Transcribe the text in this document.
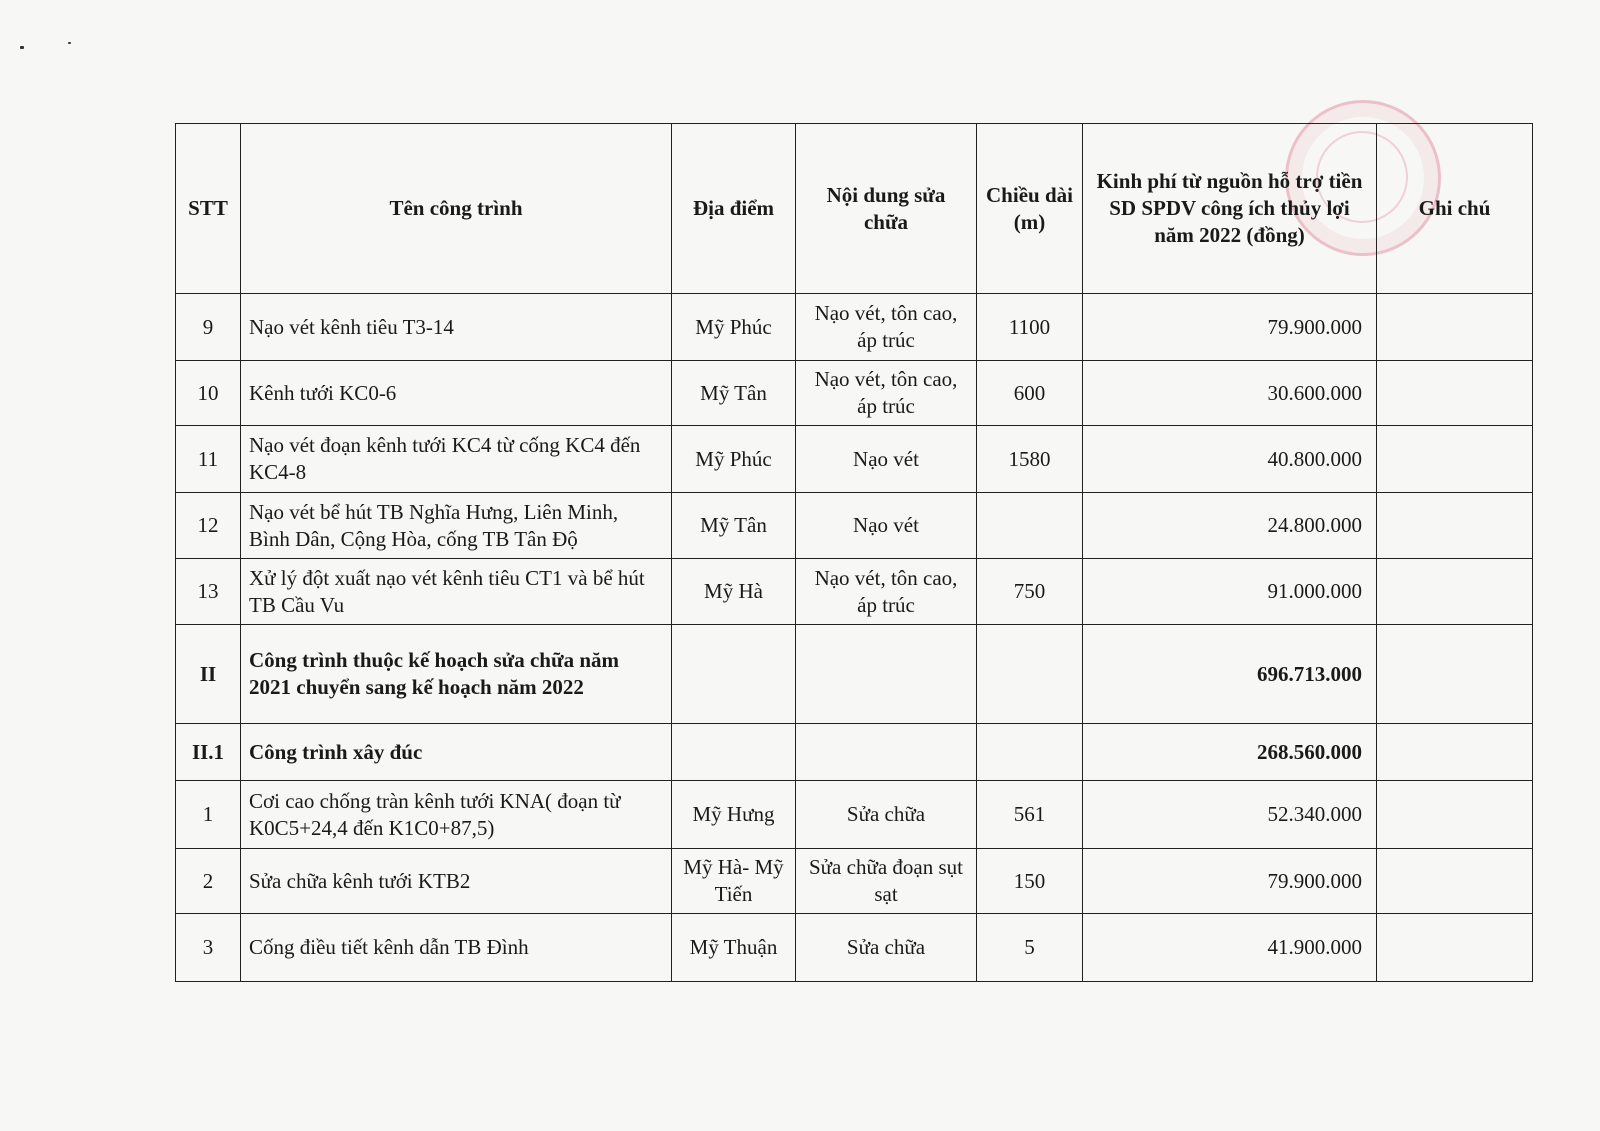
STT	Tên công trình	Địa điểm	Nội dung sửa chữa	Chiều dài (m)	Kinh phí từ nguồn hỗ trợ tiền SD SPDV công ích thủy lợi năm 2022 (đồng)	Ghi chú
9	Nạo vét kênh tiêu T3-14	Mỹ Phúc	Nạo vét, tôn cao, áp trúc	1100	79.900.000	
10	Kênh tưới KC0-6	Mỹ Tân	Nạo vét, tôn cao, áp trúc	600	30.600.000	
11	Nạo vét đoạn kênh tưới KC4 từ cống KC4 đến KC4-8	Mỹ Phúc	Nạo vét	1580	40.800.000	
12	Nạo vét bể hút TB Nghĩa Hưng, Liên Minh, Bình Dân, Cộng Hòa, cống TB Tân Độ	Mỹ Tân	Nạo vét		24.800.000	
13	Xử lý đột xuất nạo vét kênh tiêu CT1 và bể hút TB Cầu Vu	Mỹ Hà	Nạo vét, tôn cao, áp trúc	750	91.000.000	
II	Công trình thuộc kế hoạch sửa chữa năm 2021 chuyển sang kế hoạch năm 2022				696.713.000	
II.1	Công trình xây đúc				268.560.000	
1	Cơi cao chống tràn kênh tưới KNA( đoạn từ K0C5+24,4 đến K1C0+87,5)	Mỹ Hưng	Sửa chữa	561	52.340.000	
2	Sửa chữa kênh tưới KTB2	Mỹ Hà- Mỹ Tiến	Sửa chữa đoạn sụt sạt	150	79.900.000	
3	Cống điều tiết kênh dẫn TB Đình	Mỹ Thuận	Sửa chữa	5	41.900.000	
